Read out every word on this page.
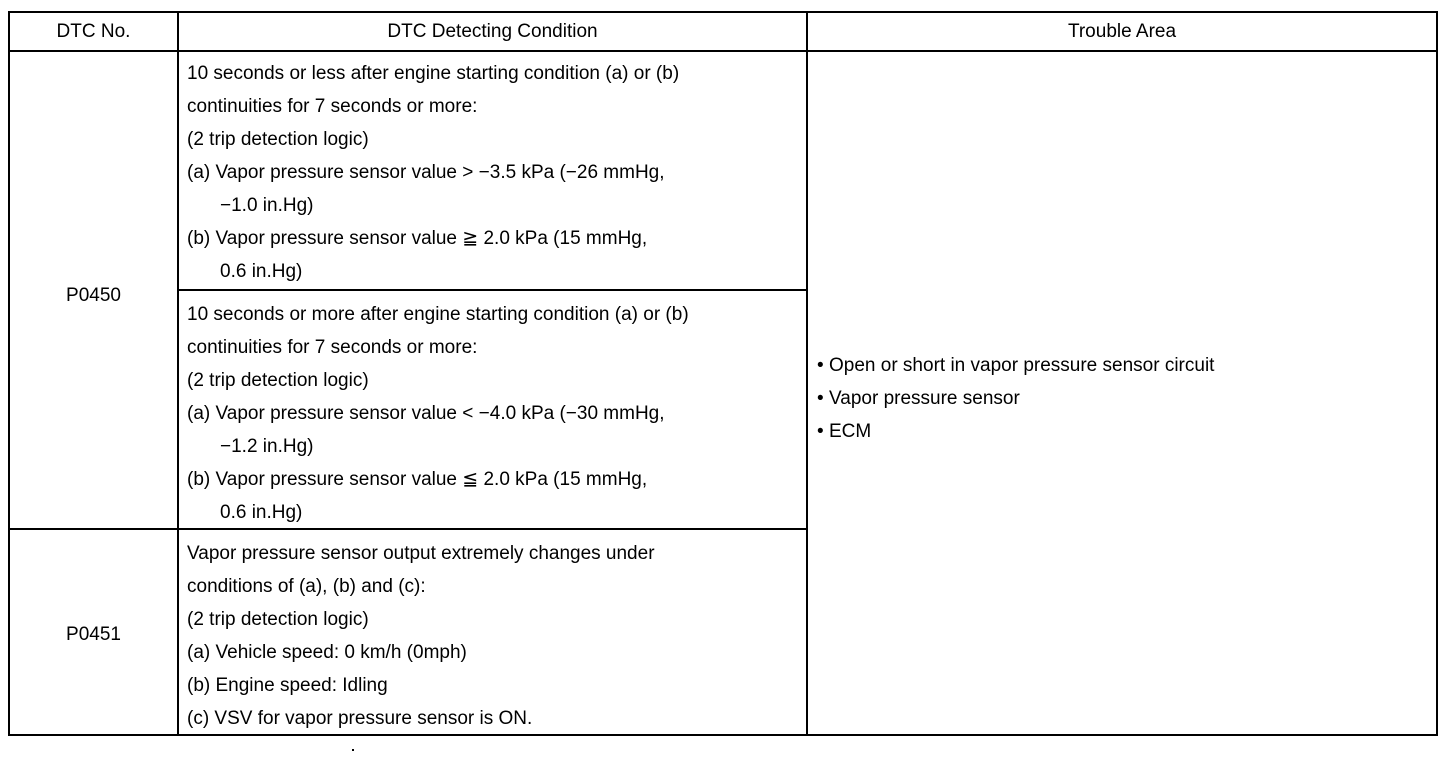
DTC No.	DTC Detecting Condition	Trouble Area
P0450
P0451
10 seconds or less after engine starting condition (a) or (b)
continuities for 7 seconds or more:
(2 trip detection logic)
(a) Vapor pressure sensor value > −3.5 kPa (−26 mmHg,
−1.0 in.Hg)
(b) Vapor pressure sensor value ≧ 2.0 kPa (15 mmHg,
0.6 in.Hg)
10 seconds or more after engine starting condition (a) or (b)
continuities for 7 seconds or more:
(2 trip detection logic)
(a) Vapor pressure sensor value < −4.0 kPa (−30 mmHg,
−1.2 in.Hg)
(b) Vapor pressure sensor value ≦ 2.0 kPa (15 mmHg,
0.6 in.Hg)
Vapor pressure sensor output extremely changes under
conditions of (a), (b) and (c):
(2 trip detection logic)
(a) Vehicle speed: 0 km/h (0mph)
(b) Engine speed: Idling
(c) VSV for vapor pressure sensor is ON.
• Open or short in vapor pressure sensor circuit
• Vapor pressure sensor
• ECM
